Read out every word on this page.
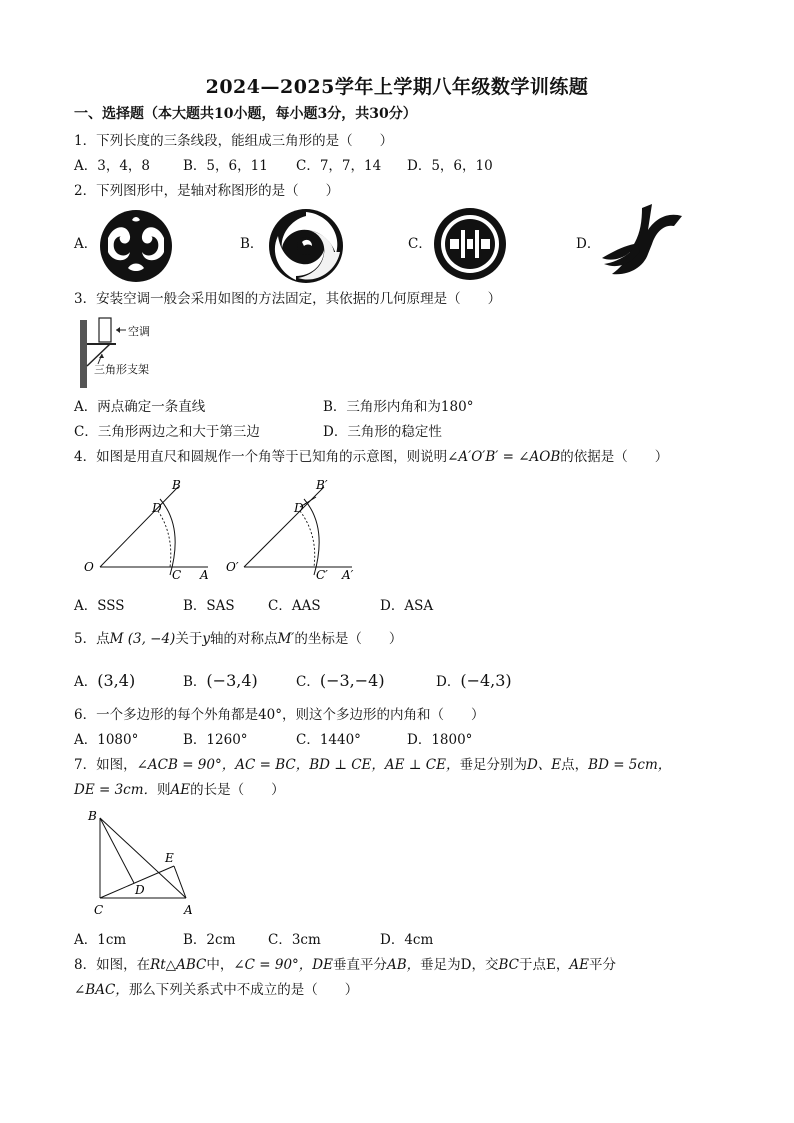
2024—2025学年上学期八年级数学训练题
一、选择题（本大题共10小题，每小题3分，共30分）
1．下列长度的三条线段，能组成三角形的是（　　）
A．3，4，8 B．5，6，11 C．7，7，14 D．5，6，10
2．下列图形中，是轴对称图形的是（　　）
A．	B．	C．	D．
3．安装空调一般会采用如图的方法固定，其依据的几何原理是（　　）
空调
三角形支架
A．两点确定一条直线	B．三角形内角和为180°
C．三角形两边之和大于第三边	D．三角形的稳定性
4．如图是用直尺和圆规作一个角等于已知角的示意图，则说明∠A′O′B′ = ∠AOB的依据是（　　）
B
D
O
C A
B′
D′
O′
C′ A′
A．SSS	B．SAS C．AAS	D．ASA
5．点M (3, −4)关于y轴的对称点M′的坐标是（　　）
A．(3,4)	B．(−3,4)	C．(−3,−4)	D．(−4,3)
6．一个多边形的每个外角都是40°，则这个多边形的内角和（　　）
A．1080°	B．1260°	C．1440°	D．1800°
7．如图，∠ACB = 90°，AC = BC，BD ⊥ CE，AE ⊥ CE，垂足分别为D、E点，BD = 5cm，
DE = 3cm．则AE的长是（　　）
B
E
D
C	A
A．1cm	B．2cm C．3cm	D．4cm
8．如图，在Rt△ABC中，∠C = 90°，DE垂直平分AB，垂足为D，交BC于点E，AE平分
∠BAC，那么下列关系式中不成立的是（　　）
